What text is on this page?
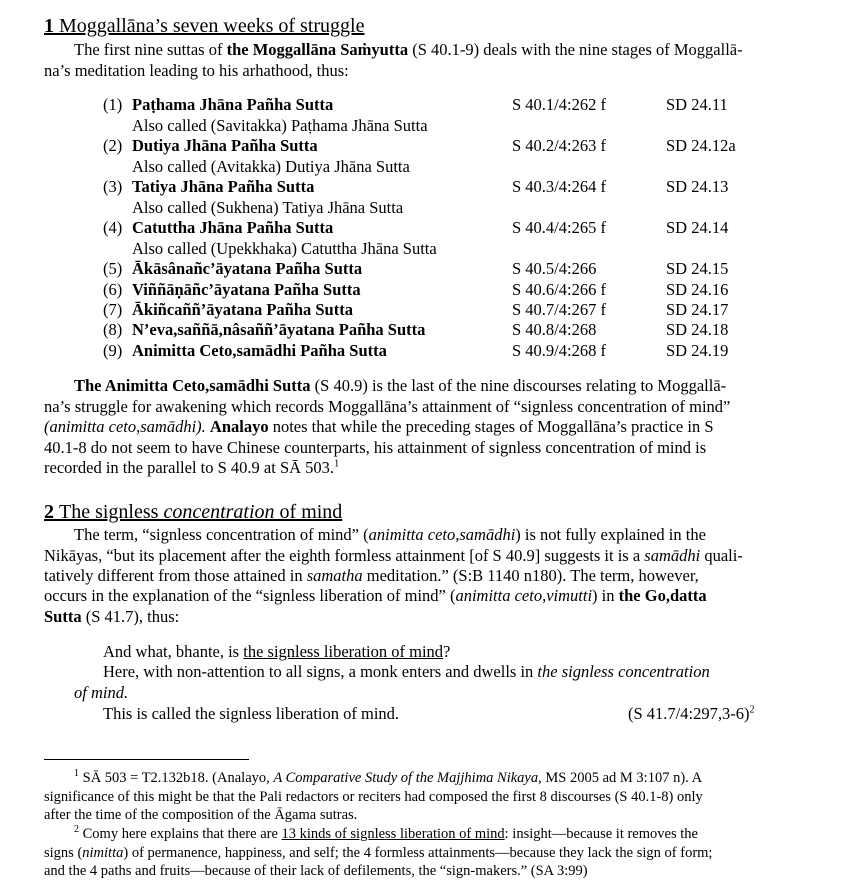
1 Moggallāna’s seven weeks of struggle
The first nine suttas of the Moggallāna Saṁyutta (S 40.1-9) deals with the nine stages of Moggallā-
na’s meditation leading to his arhathood, thus:
(1) Paṭhama Jhāna Pañha Sutta	S 40.1/4:262 f	SD 24.11
Also called (Savitakka) Paṭhama Jhāna Sutta
(2) Dutiya Jhāna Pañha Sutta	S 40.2/4:263 f	SD 24.12a
Also called (Avitakka) Dutiya Jhāna Sutta
(3) Tatiya Jhāna Pañha Sutta	S 40.3/4:264 f	SD 24.13
Also called (Sukhena) Tatiya Jhāna Sutta
(4) Catuttha Jhāna Pañha Sutta	S 40.4/4:265 f	SD 24.14
Also called (Upekkhaka) Catuttha Jhāna Sutta
(5) Ākāsânañc’āyatana Pañha Sutta	S 40.5/4:266	SD 24.15
(6) Viññāṇāñc’āyatana Pañha Sutta	S 40.6/4:266 f	SD 24.16
(7) Ākiñcaññ’āyatana Pañha Sutta	S 40.7/4:267 f	SD 24.17
(8) N’eva,saññā,nâsaññ’āyatana Pañha Sutta	S 40.8/4:268	SD 24.18
(9) Animitta Ceto,samādhi Pañha Sutta	S 40.9/4:268 f	SD 24.19
The Animitta Ceto,samādhi Sutta (S 40.9) is the last of the nine discourses relating to Moggallā-
na’s struggle for awakening which records Moggallāna’s attainment of “signless concentration of mind”
(animitta ceto,samādhi). Analayo notes that while the preceding stages of Moggallāna’s practice in S
40.1-8 do not seem to have Chinese counterparts, his attainment of signless concentration of mind is
recorded in the parallel to S 40.9 at SĀ 503.$^1$
2 The signless concentration of mind
The term, “signless concentration of mind” (animitta ceto,samādhi) is not fully explained in the
Nikāyas, “but its placement after the eighth formless attainment [of S 40.9] suggests it is a samādhi quali-
tatively different from those attained in samatha meditation.” (S:B 1140 n180). The term, however,
occurs in the explanation of the “signless liberation of mind” (animitta ceto,vimutti) in the Go,datta
Sutta (S 41.7), thus:
And what, bhante, is the signless liberation of mind?
Here, with non-attention to all signs, a monk enters and dwells in the signless concentration
of mind.
This is called the signless liberation of mind.	(S 41.7/4:297,3-6)$^2$
$^1$ SĀ 503 = T2.132b18. (Analayo, A Comparative Study of the Majjhima Nikaya, MS 2005 ad M 3:107 n). A
significance of this might be that the Pali redactors or reciters had composed the first 8 discourses (S 40.1-8) only
after the time of the composition of the Āgama sutras.
$^2$ Comy here explains that there are 13 kinds of signless liberation of mind: insight—because it removes the
signs (nimitta) of permanence, happiness, and self; the 4 formless attainments—because they lack the sign of form;
and the 4 paths and fruits—because of their lack of defilements, the “sign-makers.” (SA 3:99)
